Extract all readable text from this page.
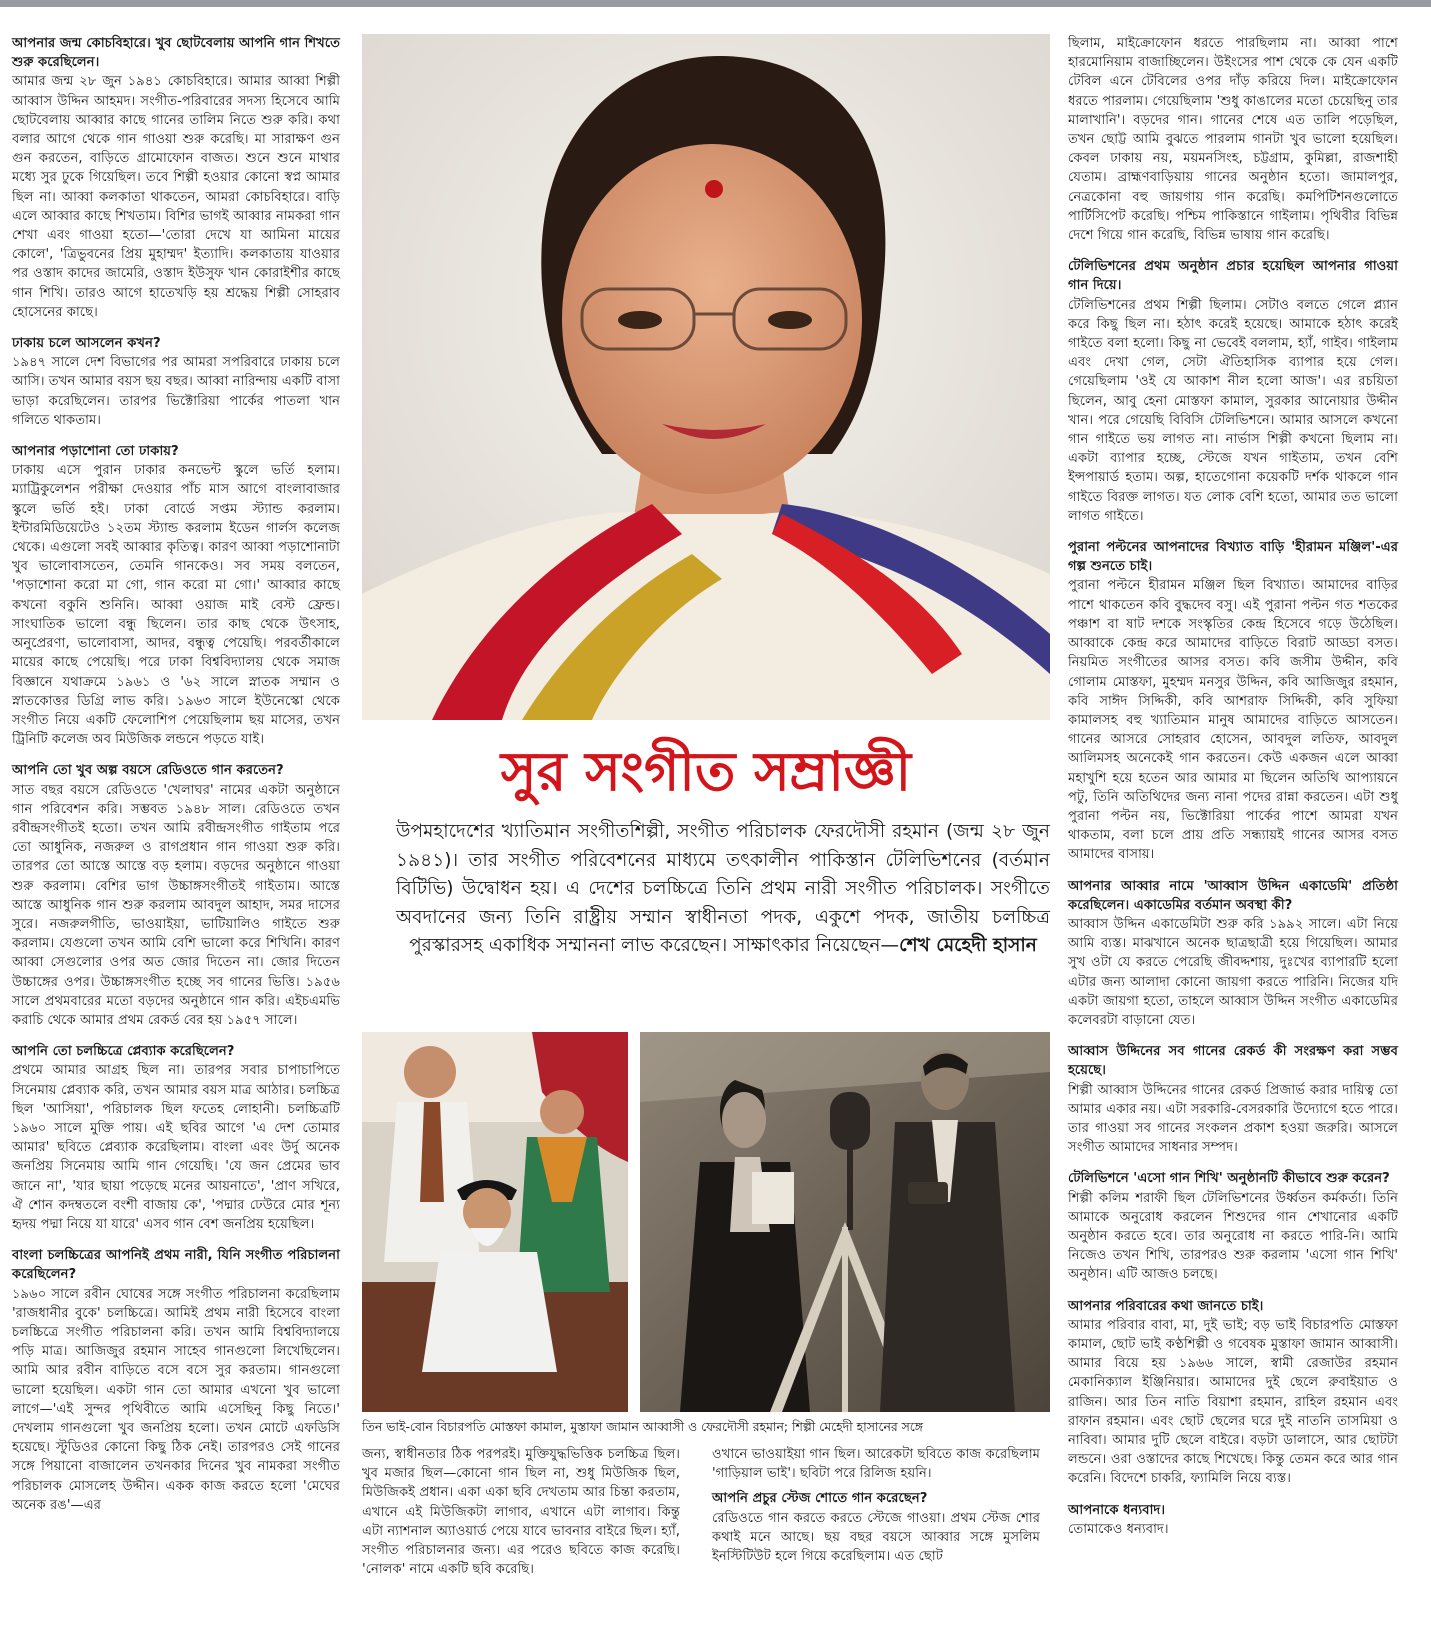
আপনার জন্ম কোচবিহারে। খুব ছোটবেলায় আপনি গান শিখতে শুরু করেছিলেন।

আমার জন্ম ২৮ জুন ১৯৪১ কোচবিহারে। আমার আব্বা শিল্পী আব্বাস উদ্দিন আহমদ। সংগীত-পরিবারের সদস্য হিসেবে আমি ছোটবেলায় আব্বার কাছে গানের তালিম নিতে শুরু করি। কথা বলার আগে থেকে গান গাওয়া শুরু করেছি। মা সারাক্ষণ গুন গুন করতেন, বাড়িতে গ্রামোফোন বাজত। শুনে শুনে মাথার মধ্যে সুর ঢুকে গিয়েছিল। তবে শিল্পী হওয়ার কোনো স্বপ্ন আমার ছিল না। আব্বা কলকাতা থাকতেন, আমরা কোচবিহারে। বাড়ি এলে আব্বার কাছে শিখতাম। বিশির ভাগই আব্বার নামকরা গান শেখা এবং গাওয়া হতো—'তোরা দেখে যা আমিনা মায়ের কোলে', 'ত্রিভুবনের প্রিয় মুহাম্মদ' ইত্যাদি। কলকাতায় যাওয়ার পর ওস্তাদ কাদের জামেরি, ওস্তাদ ইউসুফ খান কোরাইশীর কাছে গান শিখি। তারও আগে হাতেখড়ি হয় শ্রদ্ধেয় শিল্পী সোহরাব হোসেনের কাছে।

ঢাকায় চলে আসলেন কখন?

১৯৪৭ সালে দেশ বিভাগের পর আমরা সপরিবারে ঢাকায় চলে আসি। তখন আমার বয়স ছয় বছর। আব্বা নারিন্দায় একটি বাসা ভাড়া করেছিলেন। তারপর ভিক্টোরিয়া পার্কের পাতলা খান গলিতে থাকতাম।

আপনার পড়াশোনা তো ঢাকায়?

ঢাকায় এসে পুরান ঢাকার কনভেন্ট স্কুলে ভর্তি হলাম। ম্যাট্রিকুলেশন পরীক্ষা দেওয়ার পাঁচ মাস আগে বাংলাবাজার স্কুলে ভর্তি হই। ঢাকা বোর্ডে সপ্তম স্ট্যান্ড করলাম। ইন্টারমিডিয়েটেও ১২তম স্ট্যান্ড করলাম ইডেন গার্লস কলেজ থেকে। এগুলো সবই আব্বার কৃতিত্ব। কারণ আব্বা পড়াশোনাটা খুব ভালোবাসতেন, তেমনি গানকেও। সব সময় বলতেন, 'পড়াশোনা করো মা গো, গান করো মা গো।' আব্বার কাছে কখনো বকুনি শুনিনি। আব্বা ওয়াজ মাই বেস্ট ফ্রেন্ড। সাংঘাতিক ভালো বন্ধু ছিলেন। তার কাছ থেকে উৎসাহ, অনুপ্রেরণা, ভালোবাসা, আদর, বন্ধুত্ব পেয়েছি। পরবর্তীকালে মায়ের কাছে পেয়েছি। পরে ঢাকা বিশ্ববিদ্যালয় থেকে সমাজ বিজ্ঞানে যথাক্রমে ১৯৬১ ও '৬২ সালে স্নাতক সম্মান ও স্নাতকোত্তর ডিগ্রি লাভ করি। ১৯৬৩ সালে ইউনেস্কো থেকে সংগীত নিয়ে একটি ফেলোশিপ পেয়েছিলাম ছয় মাসের, তখন ট্রিনিটি কলেজ অব মিউজিক লন্ডনে পড়তে যাই।

আপনি তো খুব অল্প বয়সে রেডিওতে গান করতেন?

সাত বছর বয়সে রেডিওতে 'খেলাঘর' নামের একটা অনুষ্ঠানে গান পরিবেশন করি। সম্ভবত ১৯৪৮ সাল। রেডিওতে তখন রবীন্দ্রসংগীতই হতো। তখন আমি রবীন্দ্রসংগীত গাইতাম পরে তো আধুনিক, নজরুল ও রাগপ্রধান গান গাওয়া শুরু করি। তারপর তো আস্তে আস্তে বড় হলাম। বড়দের অনুষ্ঠানে গাওয়া শুরু করলাম। বেশির ভাগ উচ্চাঙ্গসংগীতই গাইতাম। আস্তে আস্তে আধুনিক গান শুরু করলাম আবদুল আহাদ, সমর দাসের সুরে। নজরুলগীতি, ভাওয়াইয়া, ভাটিয়ালিও গাইতে শুরু করলাম। যেগুলো তখন আমি বেশি ভালো করে শিখিনি। কারণ আব্বা সেগুলোর ওপর অত জোর দিতেন না। জোর দিতেন উচ্চাঙ্গের ওপর। উচ্চাঙ্গসংগীত হচ্ছে সব গানের ভিত্তি। ১৯৫৬ সালে প্রথমবারের মতো বড়দের অনুষ্ঠানে গান করি। এইচএমভি করাচি থেকে আমার প্রথম রেকর্ড বের হয় ১৯৫৭ সালে।

আপনি তো চলচ্চিত্রে প্লেব্যাক করেছিলেন?

প্রথমে আমার আগ্রহ ছিল না। তারপর সবার চাপাচাপিতে সিনেমায় প্লেব্যাক করি, তখন আমার বয়স মাত্র আঠার। চলচ্চিত্র ছিল 'আসিয়া', পরিচালক ছিল ফতেহ লোহানী। চলচ্চিত্রটি ১৯৬০ সালে মুক্তি পায়। এই ছবির আগে 'এ দেশ তোমার আমার' ছবিতে প্লেব্যাক করেছিলাম। বাংলা এবং উর্দু অনেক জনপ্রিয় সিনেমায় আমি গান গেয়েছি। 'যে জন প্রেমের ভাব জানে না', 'যার ছায়া পড়েছে মনের আয়নাতে', 'প্রাণ সখিরে, ঐ শোন কদম্বতলে বংশী বাজায় কে', 'পদ্মার ঢেউরে মোর শূন্য হৃদয় পদ্মা নিয়ে যা যারে' এসব গান বেশ জনপ্রিয় হয়েছিল।

বাংলা চলচ্চিত্রের আপনিই প্রথম নারী, যিনি সংগীত পরিচালনা করেছিলেন?

১৯৬০ সালে রবীন ঘোষের সঙ্গে সংগীত পরিচালনা করেছিলাম 'রাজধানীর বুকে' চলচ্চিত্রে। আমিই প্রথম নারী হিসেবে বাংলা চলচ্চিত্রে সংগীত পরিচালনা করি। তখন আমি বিশ্ববিদ্যালয়ে পড়ি মাত্র। আজিজুর রহমান সাহেব গানগুলো লিখেছিলেন। আমি আর রবীন বাড়িতে বসে বসে সুর করতাম। গানগুলো ভালো হয়েছিল। একটা গান তো আমার এখনো খুব ভালো লাগে—'এই সুন্দর পৃথিবীতে আমি এসেছিনু কিছু নিতে।' দেখলাম গানগুলো খুব জনপ্রিয় হলো। তখন মোটে এফডিসি হয়েছে। স্টুডিওর কোনো কিছু ঠিক নেই। তারপরও সেই গানের সঙ্গে পিয়ানো বাজালেন তখনকার দিনের খুব নামকরা সংগীত পরিচালক মোসলেহ উদ্দীন। একক কাজ করতে হলো 'মেঘের অনেক রঙ'—এর

সুর সংগীত সম্রাজ্ঞী
উপমহাদেশের খ্যাতিমান সংগীতশিল্পী, সংগীত পরিচালক ফেরদৌসী রহমান (জন্ম ২৮ জুন ১৯৪১)। তার সংগীত পরিবেশনের মাধ্যমে তৎকালীন পাকিস্তান টেলিভিশনের (বর্তমান বিটিভি) উদ্বোধন হয়। এ দেশের চলচ্চিত্রে তিনি প্রথম নারী সংগীত পরিচালক। সংগীতে অবদানের জন্য তিনি রাষ্ট্রীয় সম্মান স্বাধীনতা পদক, একুশে পদক, জাতীয় চলচ্চিত্র পুরস্কারসহ একাধিক সম্মাননা লাভ করেছেন। সাক্ষাৎকার নিয়েছেন—শেখ মেহেদী হাসান
তিন ভাই-বোন বিচারপতি মোস্তফা কামাল, মুস্তাফা জামান আব্বাসী ও ফেরদৌসী রহমান; শিল্পী মেহেদী হাসানের সঙ্গে

জন্য, স্বাধীনতার ঠিক পরপরই। মুক্তিযুদ্ধভিত্তিক চলচ্চিত্র ছিল। খুব মজার ছিল—কোনো গান ছিল না, শুধু মিউজিক ছিল, মিউজিকই প্রধান। একা একা ছবি দেখতাম আর চিন্তা করতাম, এখানে এই মিউজিকটা লাগাব, এখানে এটা লাগাব। কিন্তু এটা ন্যাশনাল অ্যাওয়ার্ড পেয়ে যাবে ভাবনার বাইরে ছিল। হ্যাঁ, সংগীত পরিচালনার জন্য। এর পরেও ছবিতে কাজ করেছি। 'নোলক' নামে একটি ছবি করেছি।

ওখানে ভাওয়াইয়া গান ছিল। আরেকটা ছবিতে কাজ করেছিলাম 'গাড়িয়াল ভাই'। ছবিটা পরে রিলিজ হয়নি।

আপনি প্রচুর স্টেজ শোতে গান করেছেন?

রেডিওতে গান করতে করতে স্টেজে গাওয়া। প্রথম স্টেজ শোর কথাই মনে আছে। ছয় বছর বয়সে আব্বার সঙ্গে মুসলিম ইনস্টিটিউট হলে গিয়ে করেছিলাম। এত ছোট

ছিলাম, মাইক্রোফোন ধরতে পারছিলাম না। আব্বা পাশে হারমোনিয়াম বাজাচ্ছিলেন। উইংসের পাশ থেকে কে যেন একটি টেবিল এনে টেবিলের ওপর দাঁড় করিয়ে দিল। মাইক্রোফোন ধরতে পারলাম। গেয়েছিলাম 'শুধু কাঙালের মতো চেয়েছিনু তার মালাখানি'। বড়দের গান। গানের শেষে এত তালি পড়েছিল, তখন ছোট্ট আমি বুঝতে পারলাম গানটা খুব ভালো হয়েছিল। কেবল ঢাকায় নয়, ময়মনসিংহ, চট্টগ্রাম, কুমিল্লা, রাজশাহী যেতাম। ব্রাহ্মণবাড়িয়ায় গানের অনুষ্ঠান হতো। জামালপুর, নেত্রকোনা বহু জায়গায় গান করেছি। কমপিটিশনগুলোতে পার্টিসিপেট করেছি। পশ্চিম পাকিস্তানে গাইলাম। পৃথিবীর বিভিন্ন দেশে গিয়ে গান করেছি, বিভিন্ন ভাষায় গান করেছি।

টেলিভিশনের প্রথম অনুষ্ঠান প্রচার হয়েছিল আপনার গাওয়া গান দিয়ে।

টেলিভিশনের প্রথম শিল্পী ছিলাম। সেটাও বলতে গেলে প্ল্যান করে কিছু ছিল না। হঠাৎ করেই হয়েছে। আমাকে হঠাৎ করেই গাইতে বলা হলো। কিছু না ভেবেই বললাম, হ্যাঁ, গাইব। গাইলাম এবং দেখা গেল, সেটা ঐতিহাসিক ব্যাপার হয়ে গেল। গেয়েছিলাম 'ওই যে আকাশ নীল হলো আজ'। এর রচয়িতা ছিলেন, আবু হেনা মোস্তফা কামাল, সুরকার আনোয়ার উদ্দীন খান। পরে গেয়েছি বিবিসি টেলিভিশনে। আমার আসলে কখনো গান গাইতে ভয় লাগত না। নার্ভাস শিল্পী কখনো ছিলাম না। একটা ব্যাপার হচ্ছে, স্টেজে যখন গাইতাম, তখন বেশি ইন্সপায়ার্ড হতাম। অল্প, হাতেগোনা কয়েকটি দর্শক থাকলে গান গাইতে বিরক্ত লাগত। যত লোক বেশি হতো, আমার তত ভালো লাগত গাইতে।

পুরানা পল্টনের আপনাদের বিখ্যাত বাড়ি 'হীরামন মঞ্জিল'-এর গল্প শুনতে চাই।

পুরানা পল্টনে হীরামন মঞ্জিল ছিল বিখ্যাত। আমাদের বাড়ির পাশে থাকতেন কবি বুদ্ধদেব বসু। এই পুরানা পল্টন গত শতকের পঞ্চাশ বা ষাট দশকে সংস্কৃতির কেন্দ্র হিসেবে গড়ে উঠেছিল। আব্বাকে কেন্দ্র করে আমাদের বাড়িতে বিরাট আড্ডা বসত। নিয়মিত সংগীতের আসর বসত। কবি জসীম উদ্দীন, কবি গোলাম মোস্তফা, মুহম্মদ মনসুর উদ্দিন, কবি আজিজুর রহমান, কবি সাঈদ সিদ্দিকী, কবি আশরাফ সিদ্দিকী, কবি সুফিয়া কামালসহ বহু খ্যাতিমান মানুষ আমাদের বাড়িতে আসতেন। গানের আসরে সোহরাব হোসেন, আবদুল লতিফ, আবদুল আলিমসহ অনেকেই গান করতেন। কেউ একজন এলে আব্বা মহাখুশি হয়ে হতেন আর আমার মা ছিলেন অতিথি আপ্যায়নে পটু, তিনি অতিথিদের জন্য নানা পদের রান্না করতেন। এটা শুধু পুরানা পল্টন নয়, ভিক্টোরিয়া পার্কের পাশে আমরা যখন থাকতাম, বলা চলে প্রায় প্রতি সন্ধ্যায়ই গানের আসর বসত আমাদের বাসায়।

আপনার আব্বার নামে 'আব্বাস উদ্দিন একাডেমি' প্রতিষ্ঠা করেছিলেন। একাডেমির বর্তমান অবস্থা কী?

আব্বাস উদ্দিন একাডেমিটা শুরু করি ১৯৯২ সালে। এটা নিয়ে আমি ব্যস্ত। মাঝখানে অনেক ছাত্রছাত্রী হয়ে গিয়েছিল। আমার সুখ ওটা যে করতে পেরেছি জীবদ্দশায়, দুঃখের ব্যাপারটি হলো এটার জন্য আলাদা কোনো জায়গা করতে পারিনি। নিজের যদি একটা জায়গা হতো, তাহলে আব্বাস উদ্দিন সংগীত একাডেমির কলেবরটা বাড়ানো যেত।

আব্বাস উদ্দিনের সব গানের রেকর্ড কী সংরক্ষণ করা সম্ভব হয়েছে।

শিল্পী আব্বাস উদ্দিনের গানের রেকর্ড প্রিজার্ভ করার দায়িত্ব তো আমার একার নয়। এটা সরকারি-বেসরকারি উদ্যোগে হতে পারে। তার গাওয়া সব গানের সংকলন প্রকাশ হওয়া জরুরি। আসলে সংগীত আমাদের সাধনার সম্পদ।

টেলিভিশনে 'এসো গান শিখি' অনুষ্ঠানটি কীভাবে শুরু করেন?

শিল্পী কলিম শরাফী ছিল টেলিভিশনের উর্ধ্বতন কর্মকর্তা। তিনি আমাকে অনুরোধ করলেন শিশুদের গান শেখানোর একটি অনুষ্ঠান করতে হবে। তার অনুরোধ না করতে পারি-নি। আমি নিজেও তখন শিখি, তারপরও শুরু করলাম 'এসো গান শিখি' অনুষ্ঠান। এটি আজও চলছে।

আপনার পরিবারের কথা জানতে চাই।

আমার পরিবার বাবা, মা, দুই ভাই; বড় ভাই বিচারপতি মোস্তফা কামাল, ছোট ভাই কণ্ঠশিল্পী ও গবেষক মুস্তাফা জামান আব্বাসী। আমার বিয়ে হয় ১৯৬৬ সালে, স্বামী রেজাউর রহমান মেকানিক্যাল ইঞ্জিনিয়ার। আমাদের দুই ছেলে রুবাইয়াত ও রাজিন। আর তিন নাতি বিয়াশা রহমান, রাহিল রহমান এবং রাফান রহমান। এবং ছোট ছেলের ঘরে দুই নাতনি তাসমিয়া ও নাবিবা। আমার দুটি ছেলে বাইরে। বড়টা ডালাসে, আর ছোটটা লন্ডনে। ওরা ওস্তাদের কাছে শিখেছে। কিন্তু তেমন করে আর গান করেনি। বিদেশে চাকরি, ফ্যামিলি নিয়ে ব্যস্ত।

আপনাকে ধন্যবাদ।

তোমাকেও ধন্যবাদ।
